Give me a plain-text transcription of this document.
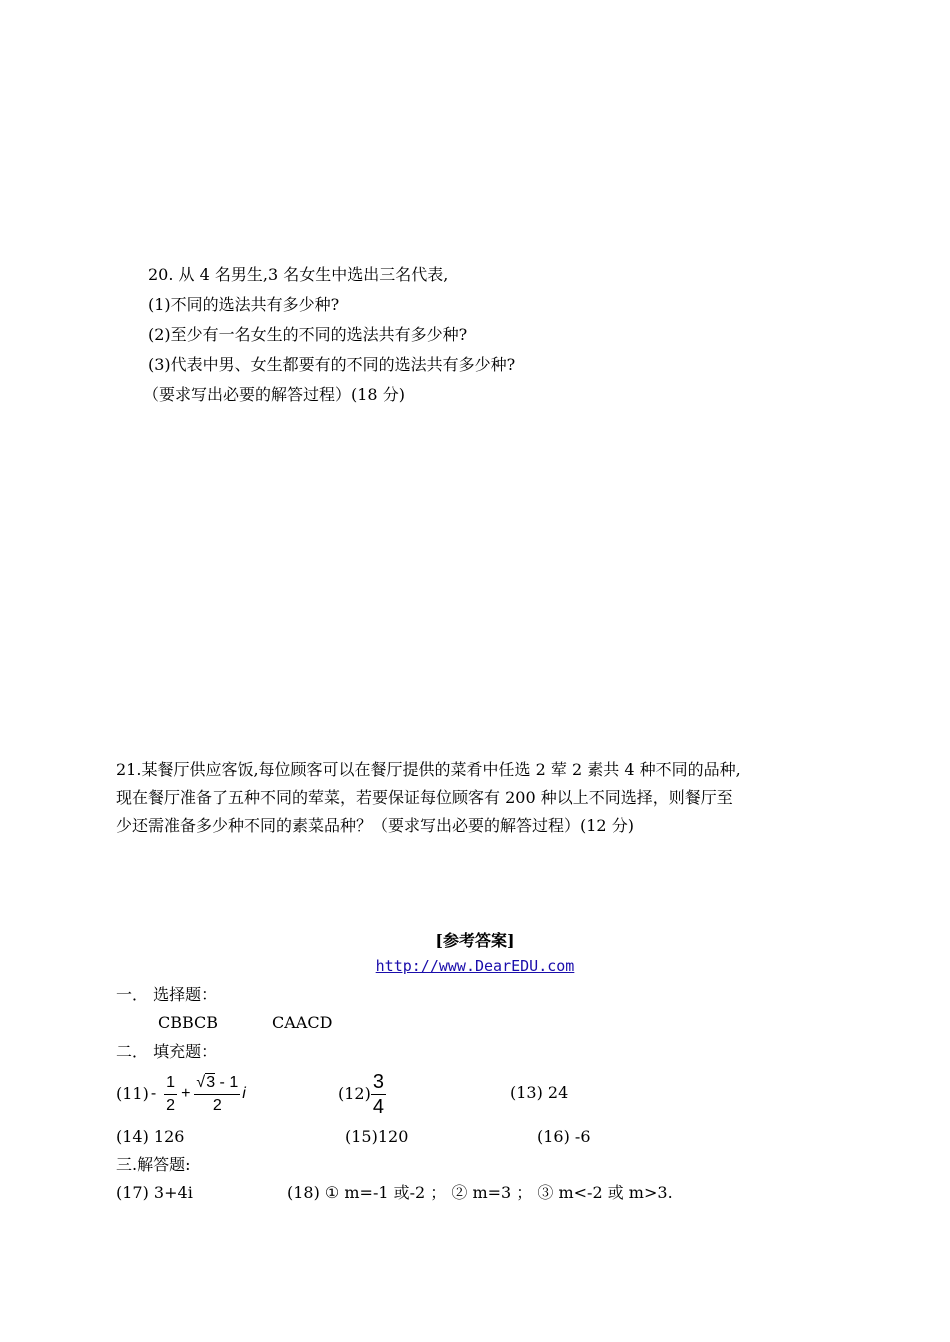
20. 从 4 名男生,3 名女生中选出三名代表,
(1)不同的选法共有多少种?
(2)至少有一名女生的不同的选法共有多少种?
(3)代表中男、女生都要有的不同的选法共有多少种?
（要求写出必要的解答过程）(18 分)
21.某餐厅供应客饭,每位顾客可以在餐厅提供的菜肴中任选 2 荤 2 素共 4 种不同的品种,
现在餐厅准备了五种不同的荤菜，若要保证每位顾客有 200 种以上不同选择，则餐厅至
少还需准备多少种不同的素菜品种？（要求写出必要的解答过程）(12 分)
[参考答案]
http://www.DearEDU.com
一． 选择题：
CBBCB	CAACD
二． 填充题：
$(11) - \frac{1}{2} + \frac{√3 - 1}{2}$ i	$(12) \frac{3}{4}$	(13) 24
(14) 126	(15)120	(16) -6
三.解答题:
(17) 3+4i	(18) ① m=-1 或-2 ； ② m=3 ； ③ m<-2 或 m>3.
